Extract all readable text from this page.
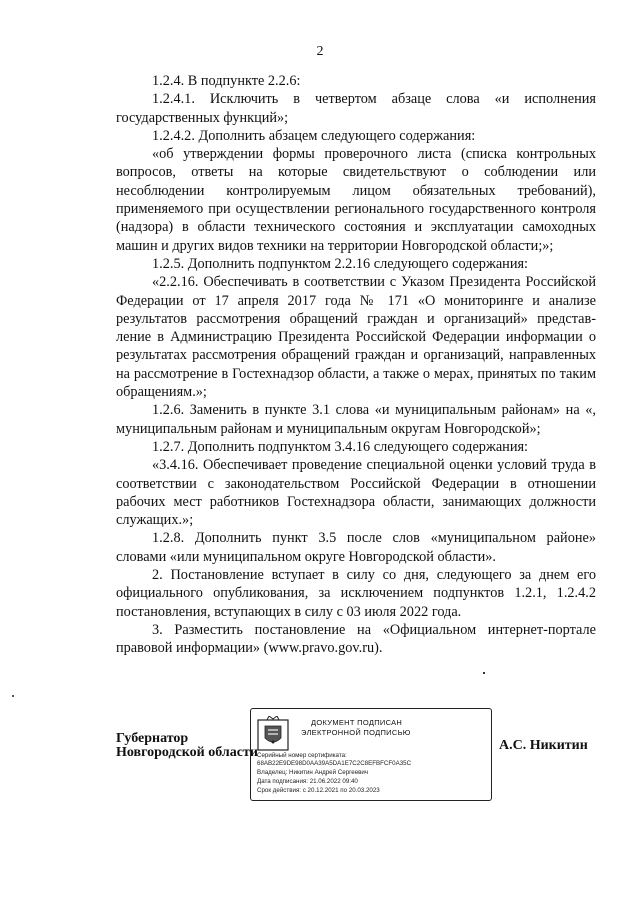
2

1.2.4. В подпункте 2.2.6:

1.2.4.1. Исключить в четвертом абзаце слова «и исполнения государственных функций»;

1.2.4.2. Дополнить абзацем следующего содержания:

«об утверждении формы проверочного листа (списка контрольных вопросов, ответы на которые свидетельствуют о соблюдении или несоблюдении контролируемым лицом обязательных требований), применяемого при осуществлении регионального государственного контроля (надзора) в области технического состояния и эксплуатации самоходных машин и других видов техники на территории Новгородской области;»;

1.2.5. Дополнить подпунктом 2.2.16 следующего содержания:

«2.2.16. Обеспечивать в соответствии с Указом Президента Российской Федерации от 17 апреля 2017 года № 171 «О мониторинге и анализе результатов рассмотрения обращений граждан и организаций» представ-ление в Администрацию Президента Российской Федерации информации о результатах рассмотрения обращений граждан и организаций, направленных на рассмотрение в Гостехнадзор области, а также о мерах, принятых по таким обращениям.»;

1.2.6. Заменить в пункте 3.1 слова «и муниципальным районам» на «, муниципальным районам и муниципальным округам Новгородской»;

1.2.7. Дополнить подпунктом 3.4.16 следующего содержания:

«3.4.16. Обеспечивает проведение специальной оценки условий труда в соответствии с законодательством Российской Федерации в отношении рабочих мест работников Гостехнадзора области, занимающих должности служащих.»;

1.2.8. Дополнить пункт 3.5 после слов «муниципальном районе» словами «или муниципальном округе Новгородской области».

2. Постановление вступает в силу со дня, следующего за днем его официального опубликования, за исключением подпунктов 1.2.1, 1.2.4.2 постановления, вступающих в силу с 03 июля 2022 года.

3. Разместить постановление на «Официальном интернет-портале правовой информации» (www.pravo.gov.ru).

Губернатор
Новгородской области
ДОКУМЕНТ ПОДПИСАН
ЭЛЕКТРОННОЙ ПОДПИСЬЮ
Серийный номер сертификата:
68AB22E9DE98D0AA39A5DA1E7C2C8EFBFCF0A35C
Владелец: Никитин Андрей Сергеевич
Дата подписания: 21.06.2022 09:40
Срок действия: с 20.12.2021 по 20.03.2023
А.С. Никитин
